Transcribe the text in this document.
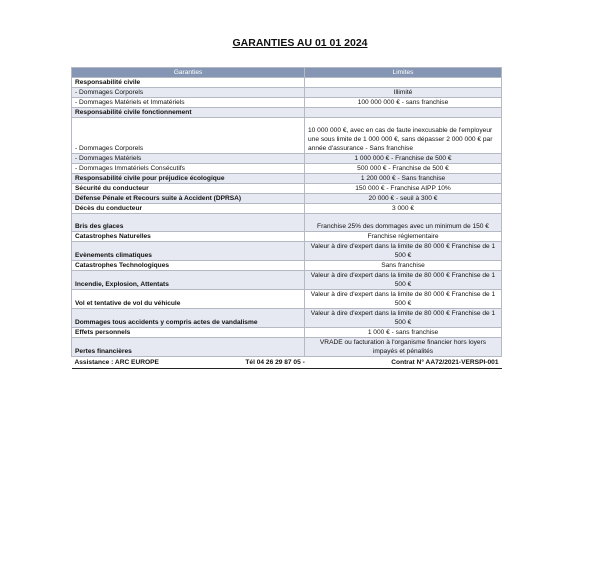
GARANTIES AU 01 01 2024
Garanties	Limites
Responsabilité civile	
- Dommages Corporels	Illimité
- Dommages Matériels et Immatériels	100 000 000 € - sans franchise
Responsabilité civile fonctionnement	
- Dommages Corporels	10 000 000 €, avec en cas de faute inexcusable de l'employeur une sous limite de 1 000 000 €, sans dépasser 2 000 000 € par année d'assurance - Sans franchise
- Dommages Matériels	1 000 000 € - Franchise de 500 €
- Dommages Immatériels Consécutifs	500 000 € - Franchise de 500 €
Responsabilité civile pour préjudice écologique	1 200 000 € - Sans franchise
Sécurité du conducteur	150 000 € - Franchise AIPP 10%
Défense Pénale et Recours suite à Accident (DPRSA)	20 000 € - seuil à 300 €
Décès du conducteur	3 000 €
Bris des glaces	Franchise 25% des dommages avec un minimum de 150 €
Catastrophes Naturelles	Franchise réglementaire
Evènements climatiques	Valeur à dire d'expert dans la limite de 80 000 € Franchise de 1 500 €
Catastrophes Technologiques	Sans franchise
Incendie, Explosion, Attentats	Valeur à dire d'expert dans la limite de 80 000 € Franchise de 1 500 €
Vol et tentative de vol du véhicule	Valeur à dire d'expert dans la limite de 80 000 € Franchise de 1 500 €
Dommages tous accidents y compris actes de vandalisme	Valeur à dire d'expert dans la limite de 80 000 € Franchise de 1 500 €
Effets personnels	1 000 € - sans franchise
Pertes financières	VRADE ou facturation à l'organisme financier hors loyers impayés et pénalités

Assistance : ARC EUROPE Tél 04 26 29 87 05 - Contrat N° AA72/2021-VERSPI-001	
